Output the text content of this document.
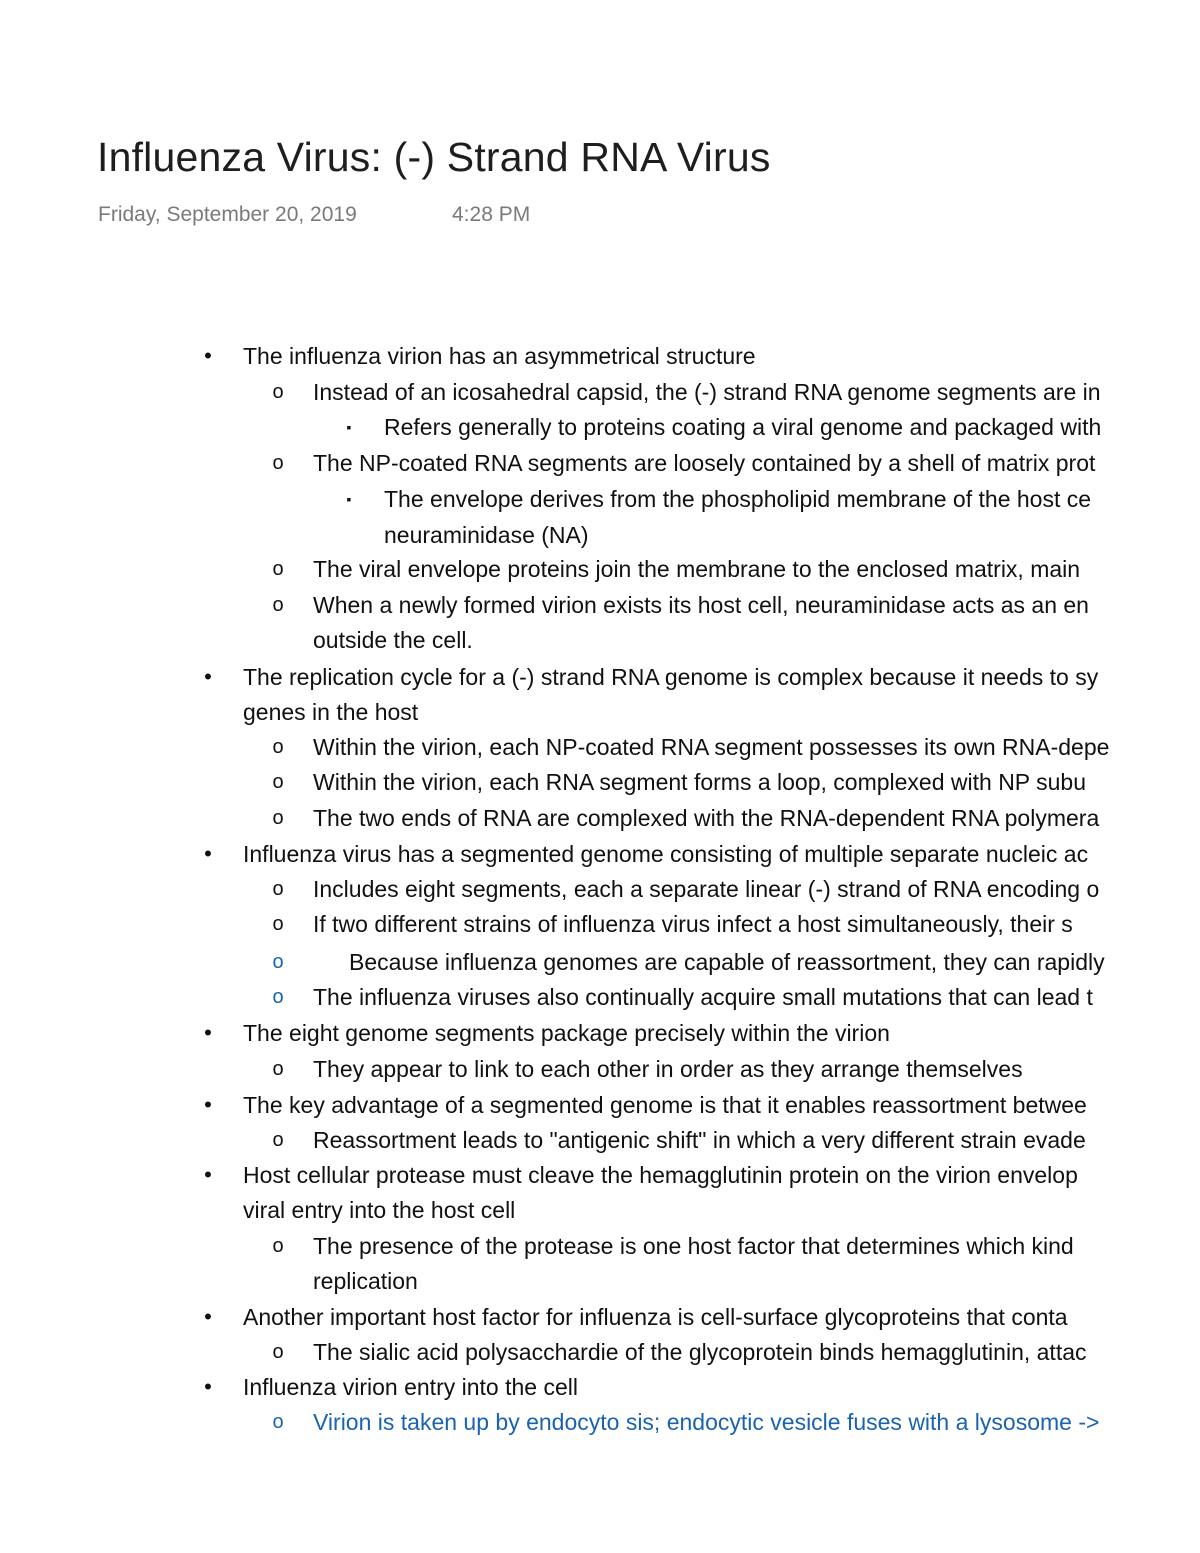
Influenza Virus: (-) Strand RNA Virus
Friday, September 20, 2019	4:28 PM
•	The influenza virion has an asymmetrical structure
o Instead of an icosahedral capsid, the (-) strand RNA genome segments are in
▪	Refers generally to proteins coating a viral genome and packaged with
o The NP-coated RNA segments are loosely contained by a shell of matrix prot
▪	The envelope derives from the phospholipid membrane of the host ce
neuraminidase (NA)
o The viral envelope proteins join the membrane to the enclosed matrix, main
o When a newly formed virion exists its host cell, neuraminidase acts as an en
outside the cell.
•	The replication cycle for a (-) strand RNA genome is complex because it needs to sy
genes in the host
o Within the virion, each NP-coated RNA segment possesses its own RNA-depe
o Within the virion, each RNA segment forms a loop, complexed with NP subu
o The two ends of RNA are complexed with the RNA-dependent RNA polymera
•	Influenza virus has a segmented genome consisting of multiple separate nucleic ac
o Includes eight segments, each a separate linear (-) strand of RNA encoding o
o If two different strains of influenza virus infect a host simultaneously, their s
o	Because influenza genomes are capable of reassortment, they can rapidly
o The influenza viruses also continually acquire small mutations that can lead t
•	The eight genome segments package precisely within the virion
o They appear to link to each other in order as they arrange themselves
•	The key advantage of a segmented genome is that it enables reassortment betwee
o Reassortment leads to "antigenic shift" in which a very different strain evade
•	Host cellular protease must cleave the hemagglutinin protein on the virion envelop
viral entry into the host cell
o The presence of the protease is one host factor that determines which kind
replication
•	Another important host factor for influenza is cell-surface glycoproteins that conta
o The sialic acid polysacchardie of the glycoprotein binds hemagglutinin, attac
•	Influenza virion entry into the cell
o Virion is taken up by endocyto sis; endocytic vesicle fuses with a lysosome ->
